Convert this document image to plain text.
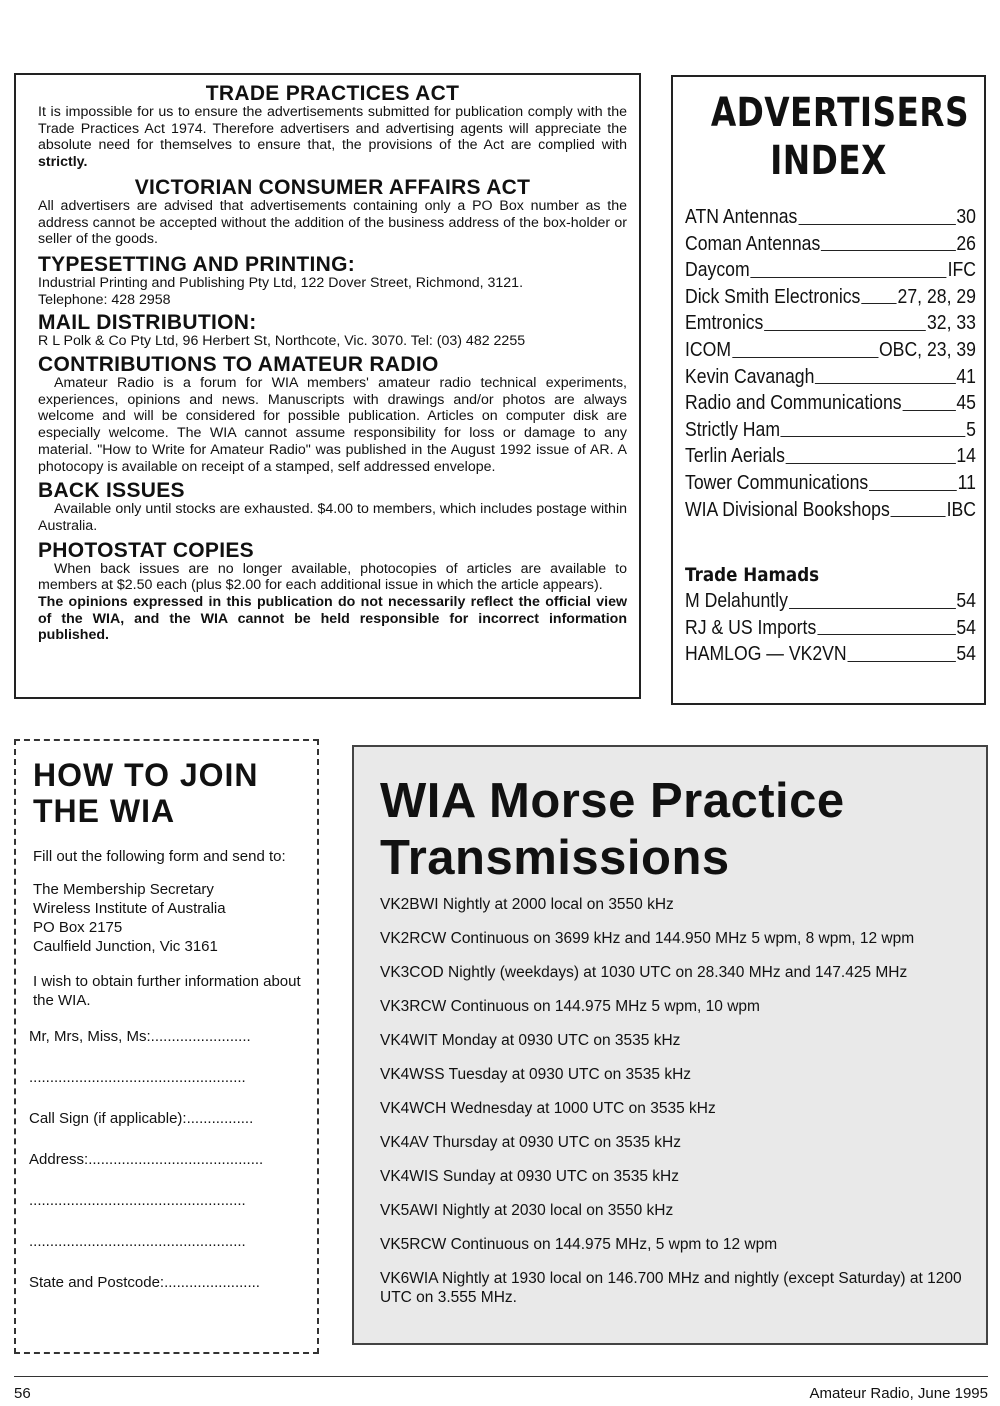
TRADE PRACTICES ACT

It is impossible for us to ensure the advertisements submitted for publication comply with the Trade Practices Act 1974. Therefore advertisers and advertising agents will appreciate the absolute need for themselves to ensure that, the provisions of the Act are complied with strictly.

VICTORIAN CONSUMER AFFAIRS ACT

All advertisers are advised that advertisements containing only a PO Box number as the address cannot be accepted without the addition of the business address of the box-holder or seller of the goods.

TYPESETTING AND PRINTING:

Industrial Printing and Publishing Pty Ltd, 122 Dover Street, Richmond, 3121.

Telephone: 428 2958

MAIL DISTRIBUTION:

R L Polk & Co Pty Ltd, 96 Herbert St, Northcote, Vic. 3070. Tel: (03) 482 2255

CONTRIBUTIONS TO AMATEUR RADIO

Amateur Radio is a forum for WIA members' amateur radio technical experiments, experiences, opinions and news. Manuscripts with drawings and/or photos are always welcome and will be considered for possible publication. Articles on computer disk are especially welcome. The WIA cannot assume responsibility for loss or damage to any material. "How to Write for Amateur Radio" was published in the August 1992 issue of AR. A photocopy is available on receipt of a stamped, self addressed envelope.

BACK ISSUES

Available only until stocks are exhausted. $4.00 to members, which includes postage within Australia.

PHOTOSTAT COPIES

When back issues are no longer available, photocopies of articles are available to members at $2.50 each (plus $2.00 for each additional issue in which the article appears).

The opinions expressed in this publication do not necessarily reflect the official view of the WIA, and the WIA cannot be held responsible for incorrect information published.

ADVERTISERS
INDEX
ATN Antennas	30
Coman Antennas	26
Daycom	IFC
Dick Smith Electronics 27, 28, 29
Emtronics	32, 33
ICOM	OBC, 23, 39
Kevin Cavanagh	41
Radio and Communications	45
Strictly Ham	5
Terlin Aerials	14
Tower Communications	11
WIA Divisional Bookshops	IBC
Trade Hamads
M Delahuntly	54
RJ & US Imports	54
HAMLOG — VK2VN	54
HOW TO JOIN
THE WIA

Fill out the following form and send to:

The Membership Secretary

Wireless Institute of Australia

PO Box 2175

Caulfield Junction, Vic 3161

I wish to obtain further information about the WIA.

Mr, Mrs, Miss, Ms:........................
....................................................
Call Sign (if applicable):................
Address:..........................................
....................................................
....................................................
State and Postcode:.......................
WIA Morse Practice
Transmissions
VK2BWI Nightly at 2000 local on 3550 kHz
VK2RCW Continuous on 3699 kHz and 144.950 MHz 5 wpm, 8 wpm, 12 wpm
VK3COD Nightly (weekdays) at 1030 UTC on 28.340 MHz and 147.425 MHz
VK3RCW Continuous on 144.975 MHz 5 wpm, 10 wpm
VK4WIT Monday at 0930 UTC on 3535 kHz
VK4WSS Tuesday at 0930 UTC on 3535 kHz
VK4WCH Wednesday at 1000 UTC on 3535 kHz
VK4AV Thursday at 0930 UTC on 3535 kHz
VK4WIS Sunday at 0930 UTC on 3535 kHz
VK5AWI Nightly at 2030 local on 3550 kHz
VK5RCW Continuous on 144.975 MHz, 5 wpm to 12 wpm
VK6WIA Nightly at 1930 local on 146.700 MHz and nightly (except Saturday) at 1200 UTC on 3.555 MHz.
56	Amateur Radio, June 1995
